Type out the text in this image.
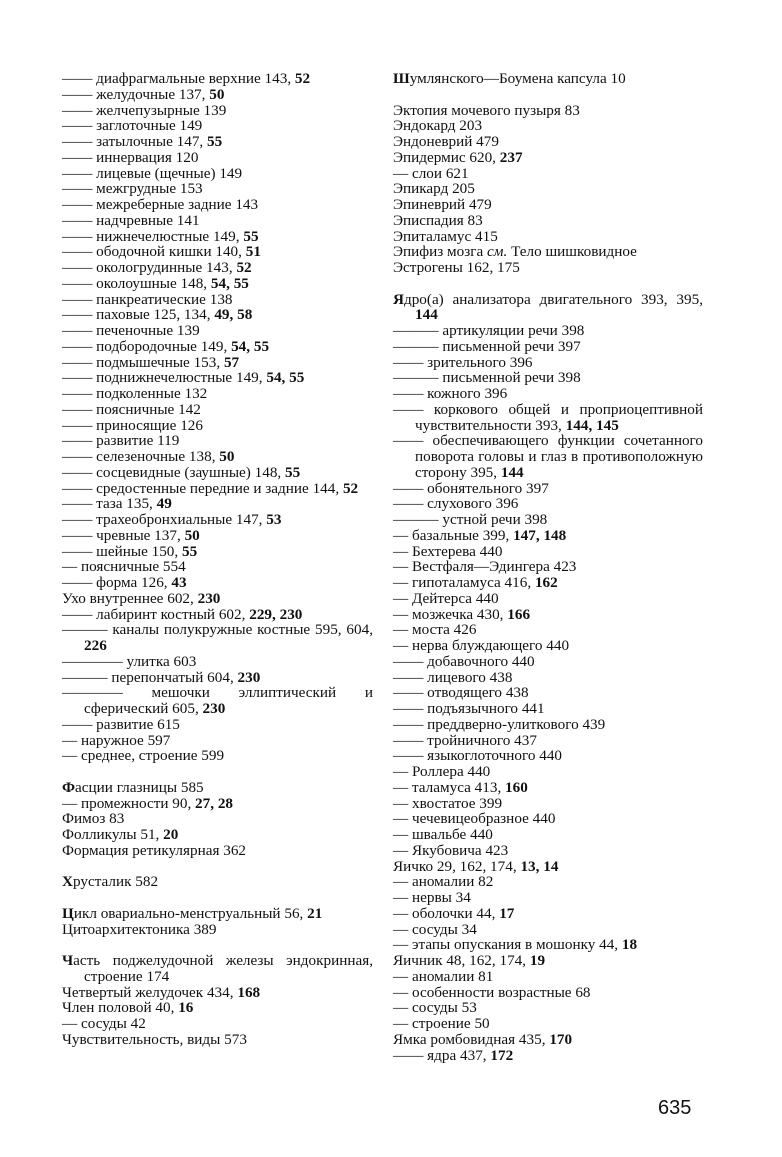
—— диафрагмальные верхние 143, 52
—— желудочные 137, 50
—— желчепузырные 139
—— заглоточные 149
—— затылочные 147, 55
—— иннервация 120
—— лицевые (щечные) 149
—— межгрудные 153
—— межреберные задние 143
—— надчревные 141
—— нижнечелюстные 149, 55
—— ободочной кишки 140, 51
—— окологрудинные 143, 52
—— околоушные 148, 54, 55
—— панкреатические 138
—— паховые 125, 134, 49, 58
—— печеночные 139
—— подбородочные 149, 54, 55
—— подмышечные 153, 57
—— поднижнечелюстные 149, 54, 55
—— подколенные 132
—— поясничные 142
—— приносящие 126
—— развитие 119
—— селезеночные 138, 50
—— сосцевидные (заушные) 148, 55
—— средостенные передние и задние 144, 52
—— таза 135, 49
—— трахеобронхиальные 147, 53
—— чревные 137, 50
—— шейные 150, 55
— поясничные 554
—— форма 126, 43
Ухо внутреннее 602, 230
—— лабиринт костный 602, 229, 230
——— каналы полукружные костные 595, 604, 226
———— улитка 603
——— перепончатый 604, 230
———— мешочки эллиптический и сферический 605, 230
—— развитие 615
— наружное 597
— среднее, строение 599
Фасции глазницы 585
— промежности 90, 27, 28
Фимоз 83
Фолликулы 51, 20
Формация ретикулярная 362
Хрусталик 582
Цикл овариально-менструальный 56, 21
Цитоархитектоника 389
Часть поджелудочной железы эндокринная, строение 174
Четвертый желудочек 434, 168
Член половой 40, 16
— сосуды 42
Чувствительность, виды 573
Шумлянского—Боумена капсула 10
Эктопия мочевого пузыря 83
Эндокард 203
Эндоневрий 479
Эпидермис 620, 237
— слои 621
Эпикард 205
Эпиневрий 479
Эписпадия 83
Эпиталамус 415
Эпифиз мозга см. Тело шишковидное
Эстрогены 162, 175
Ядро(а) анализатора двигательного 393, 395, 144
——— артикуляции речи 398
——— письменной речи 397
—— зрительного 396
——— письменной речи 398
—— кожного 396
—— коркового общей и проприоцептивной чувствительности 393, 144, 145
—— обеспечивающего функции сочетанного поворота головы и глаз в противоположную сторону 395, 144
—— обонятельного 397
—— слухового 396
——— устной речи 398
— базальные 399, 147, 148
— Бехтерева 440
— Вестфаля—Эдингера 423
— гипоталамуса 416, 162
— Дейтерса 440
— мозжечка 430, 166
— моста 426
— нерва блуждающего 440
—— добавочного 440
—— лицевого 438
—— отводящего 438
—— подъязычного 441
—— преддверно-улиткового 439
—— тройничного 437
—— языкоглоточного 440
— Роллера 440
— таламуса 413, 160
— хвостатое 399
— чечевицеобразное 440
— швальбе 440
— Якубовича 423
Яичко 29, 162, 174, 13, 14
— аномалии 82
— нервы 34
— оболочки 44, 17
— сосуды 34
— этапы опускания в мошонку 44, 18
Яичник 48, 162, 174, 19
— аномалии 81
— особенности возрастные 68
— сосуды 53
— строение 50
Ямка ромбовидная 435, 170
—— ядра 437, 172
635
